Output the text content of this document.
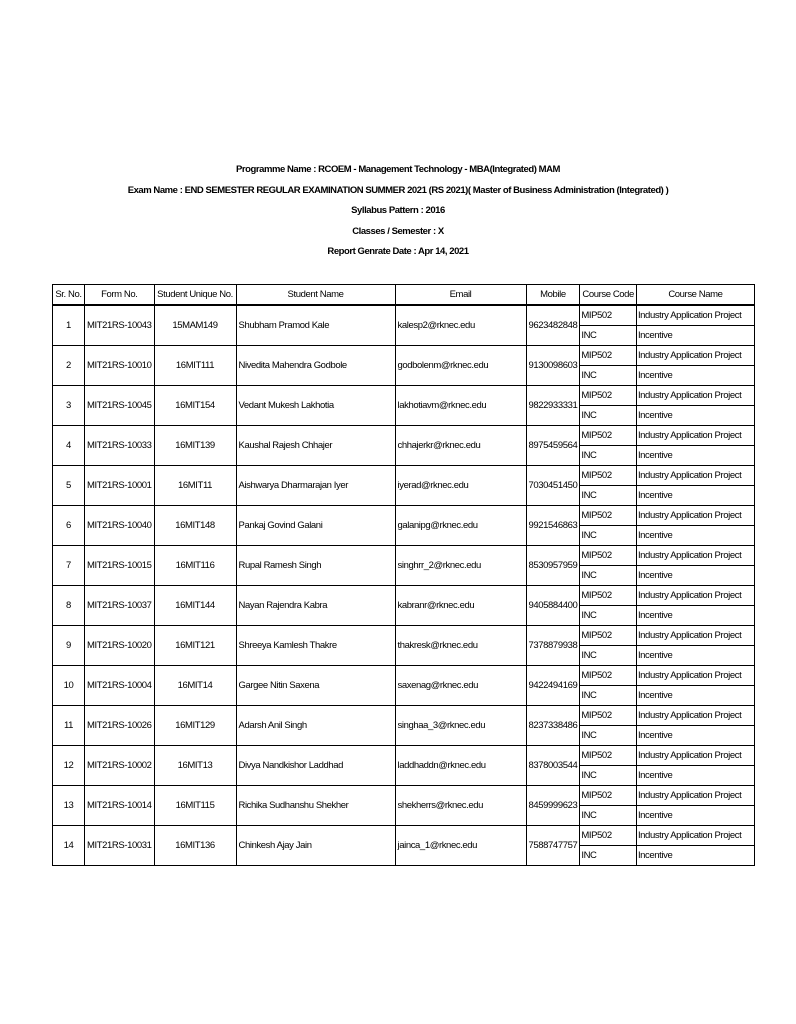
Programme Name : RCOEM - Management Technology - MBA(Integrated) MAM
Exam Name : END SEMESTER REGULAR EXAMINATION SUMMER 2021 (RS 2021)( Master of Business Administration (Integrated) )
Syllabus Pattern : 2016
Classes / Semester : X
Report Genrate Date : Apr 14, 2021
Sr. No.	Form No.	Student Unique No.	Student Name	Email	Mobile	Course Code	Course Name
1	MIT21RS-10043	15MAM149	Shubham Pramod Kale	kalesp2@rknec.edu	9623482848	MIP502	Industry Application Project
						INC	Incentive
2	MIT21RS-10010	16MIT111	Nivedita Mahendra Godbole	godbolenm@rknec.edu	9130098603	MIP502	Industry Application Project
						INC	Incentive
3	MIT21RS-10045	16MIT154	Vedant Mukesh Lakhotia	lakhotiavm@rknec.edu	9822933331	MIP502	Industry Application Project
						INC	Incentive
4	MIT21RS-10033	16MIT139	Kaushal Rajesh Chhajer	chhajerkr@rknec.edu	8975459564	MIP502	Industry Application Project
						INC	Incentive
5	MIT21RS-10001	16MIT11	Aishwarya Dharmarajan Iyer	iyerad@rknec.edu	7030451450	MIP502	Industry Application Project
						INC	Incentive
6	MIT21RS-10040	16MIT148	Pankaj Govind Galani	galanipg@rknec.edu	9921546863	MIP502	Industry Application Project
						INC	Incentive
7	MIT21RS-10015	16MIT116	Rupal Ramesh Singh	singhrr_2@rknec.edu	8530957959	MIP502	Industry Application Project
						INC	Incentive
8	MIT21RS-10037	16MIT144	Nayan Rajendra Kabra	kabranr@rknec.edu	9405884400	MIP502	Industry Application Project
						INC	Incentive
9	MIT21RS-10020	16MIT121	Shreeya Kamlesh Thakre	thakresk@rknec.edu	7378879938	MIP502	Industry Application Project
						INC	Incentive
10	MIT21RS-10004	16MIT14	Gargee Nitin Saxena	saxenag@rknec.edu	9422494169	MIP502	Industry Application Project
						INC	Incentive
11	MIT21RS-10026	16MIT129	Adarsh Anil Singh	singhaa_3@rknec.edu	8237338486	MIP502	Industry Application Project
						INC	Incentive
12	MIT21RS-10002	16MIT13	Divya Nandkishor Laddhad	laddhaddn@rknec.edu	8378003544	MIP502	Industry Application Project
						INC	Incentive
13	MIT21RS-10014	16MIT115	Richika Sudhanshu Shekher	shekherrs@rknec.edu	8459999623	MIP502	Industry Application Project
						INC	Incentive
14	MIT21RS-10031	16MIT136	Chinkesh Ajay Jain	jainca_1@rknec.edu	7588747757	MIP502	Industry Application Project
						INC	Incentive
